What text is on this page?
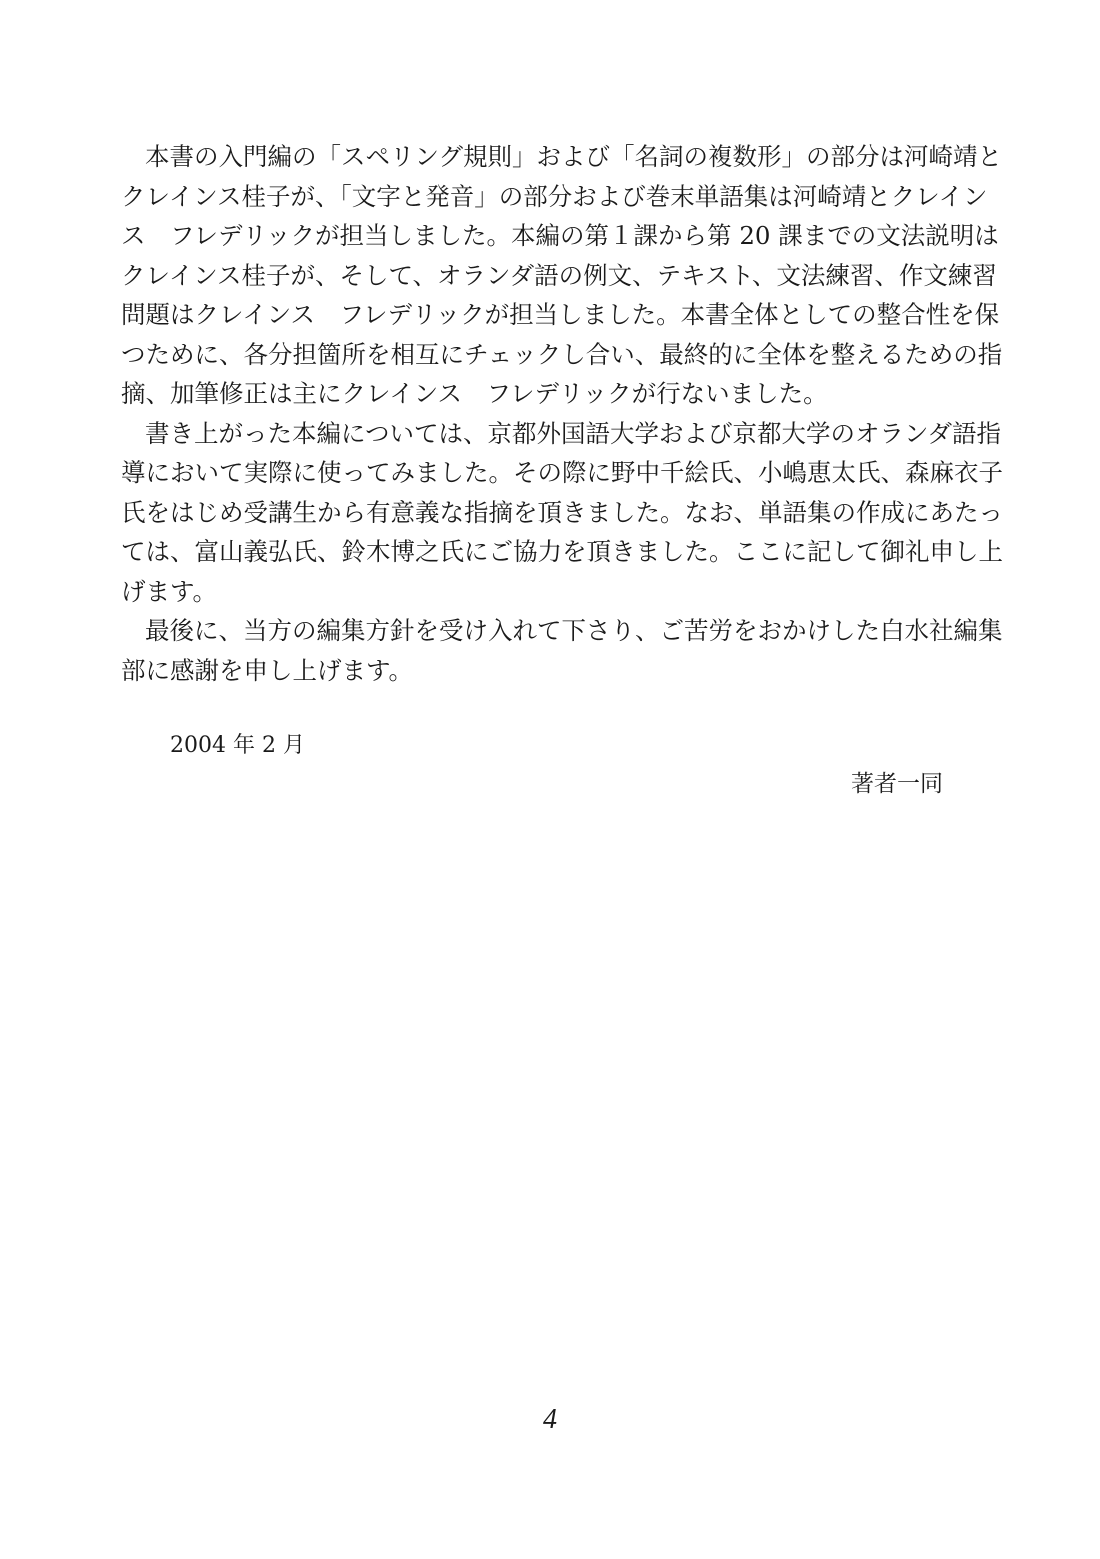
本書の入門編の「スペリング規則」および「名詞の複数形」の部分は河崎靖と
クレインス桂子が、「文字と発音」の部分および巻末単語集は河崎靖とクレイン
ス　フレデリックが担当しました。本編の第１課から第 20 課までの文法説明は
クレインス桂子が、そして、オランダ語の例文、テキスト、文法練習、作文練習
問題はクレインス　フレデリックが担当しました。本書全体としての整合性を保
つために、各分担箇所を相互にチェックし合い、最終的に全体を整えるための指
摘、加筆修正は主にクレインス　フレデリックが行ないました。
書き上がった本編については、京都外国語大学および京都大学のオランダ語指
導において実際に使ってみました。その際に野中千絵氏、小嶋恵太氏、森麻衣子
氏をはじめ受講生から有意義な指摘を頂きました。なお、単語集の作成にあたっ
ては、富山義弘氏、鈴木博之氏にご協力を頂きました。ここに記して御礼申し上
げます。
最後に、当方の編集方針を受け入れて下さり、ご苦労をおかけした白水社編集
部に感謝を申し上げます。
2004 年 2 月
著者一同
4
